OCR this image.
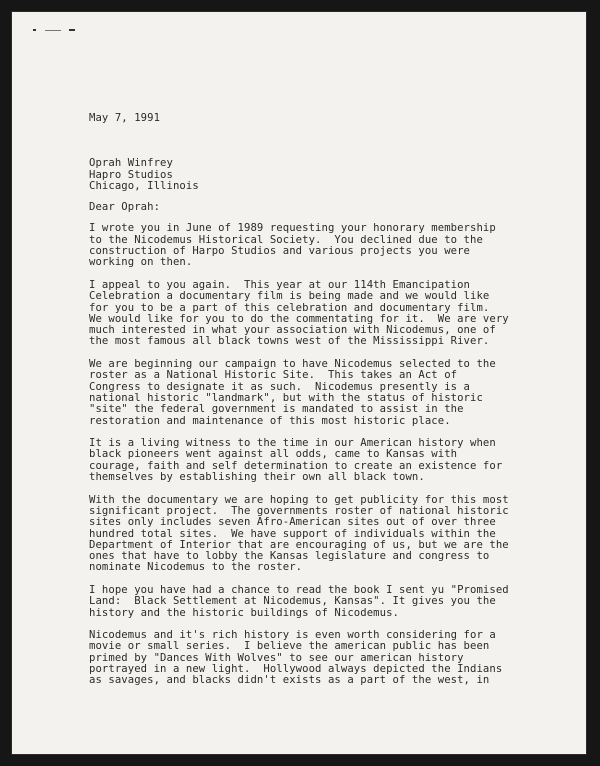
May 7, 1991
Oprah Winfrey
Hapro Studios
Chicago, Illinois
Dear Oprah:
I wrote you in June of 1989 requesting your honorary membership
to the Nicodemus Historical Society.  You declined due to the
construction of Harpo Studios and various projects you were
working on then.
I appeal to you again.  This year at our 114th Emancipation
Celebration a documentary film is being made and we would like
for you to be a part of this celebration and documentary film.
We would like for you to do the commentating for it.  We are very
much interested in what your association with Nicodemus, one of
the most famous all black towns west of the Mississippi River.
We are beginning our campaign to have Nicodemus selected to the
roster as a National Historic Site.  This takes an Act of
Congress to designate it as such.  Nicodemus presently is a
national historic "landmark", but with the status of historic
"site" the federal government is mandated to assist in the
restoration and maintenance of this most historic place.
It is a living witness to the time in our American history when
black pioneers went against all odds, came to Kansas with
courage, faith and self determination to create an existence for
themselves by establishing their own all black town.
With the documentary we are hoping to get publicity for this most
significant project.  The governments roster of national historic
sites only includes seven Afro-American sites out of over three
hundred total sites.  We have support of individuals within the
Department of Interior that are encouraging of us, but we are the
ones that have to lobby the Kansas legislature and congress to
nominate Nicodemus to the roster.
I hope you have had a chance to read the book I sent yu "Promised
Land:  Black Settlement at Nicodemus, Kansas". It gives you the
history and the historic buildings of Nicodemus.
Nicodemus and it's rich history is even worth considering for a
movie or small series.  I believe the american public has been
primed by "Dances With Wolves" to see our american history
portrayed in a new light.  Hollywood always depicted the Indians
as savages, and blacks didn't exists as a part of the west, in
